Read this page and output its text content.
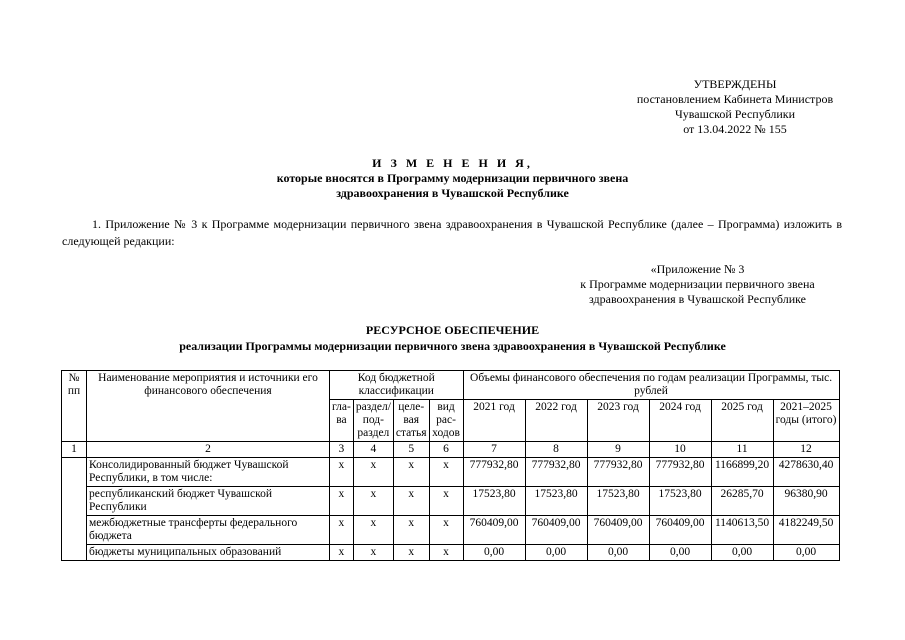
УТВЕРЖДЕНЫ
постановлением Кабинета Министров
Чувашской Республики
от 13.04.2022 № 155
И З М Е Н Е Н И Я,
которые вносятся в Программу модернизации первичного звена
здравоохранения в Чувашской Республике
1. Приложение № 3 к Программе модернизации первичного звена здравоохранения в Чувашской Республике (далее – Программа) изложить в следующей редакции:
«Приложение № 3
к Программе модернизации первичного звена
здравоохранения в Чувашской Республике
РЕСУРСНОЕ ОБЕСПЕЧЕНИЕ
реализации Программы модернизации первичного звена здравоохранения в Чувашской Республике
№ пп	Наименование мероприятия и источники его финансового обеспечения	Код бюджетной классификации				Объемы финансового обеспечения по годам реализации Программы, тыс. рублей					
		гла-ва	раздел/под-раздел	целе-вая статья	вид рас-ходов	2021 год	2022 год	2023 год	2024 год	2025 год	2021–2025 годы (итого)
1	2	3	4	5	6	7	8	9	10	11	12
	Консолидированный бюджет Чувашской Республики, в том числе:	x	x	x	x	777932,80	777932,80	777932,80	777932,80	1166899,20	4278630,40
	республиканский бюджет Чувашской Республики	x	x	x	x	17523,80	17523,80	17523,80	17523,80	26285,70	96380,90
	межбюджетные трансферты федерального бюджета	x	x	x	x	760409,00	760409,00	760409,00	760409,00	1140613,50	4182249,50
	бюджеты муниципальных образований	x	x	x	x	0,00	0,00	0,00	0,00	0,00	0,00
